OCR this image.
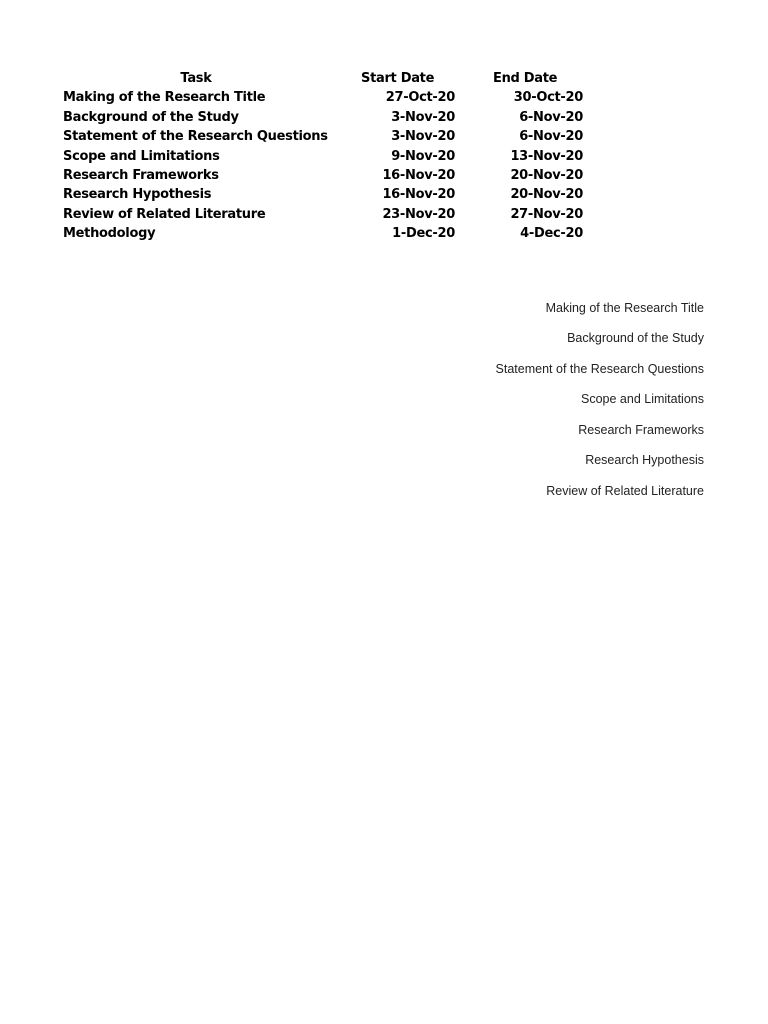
Task	Start Date	End Date
Making of the Research Title	27-Oct-20	30-Oct-20
Background of the Study	3-Nov-20	6-Nov-20
Statement of the Research Questions	3-Nov-20	6-Nov-20
Scope and Limitations	9-Nov-20	13-Nov-20
Research Frameworks	16-Nov-20	20-Nov-20
Research Hypothesis	16-Nov-20	20-Nov-20
Review of Related Literature	23-Nov-20	27-Nov-20
Methodology	1-Dec-20	4-Dec-20
Making of the Research Title
Background of the Study
Statement of the Research Questions
Scope and Limitations
Research Frameworks
Research Hypothesis
Review of Related Literature
